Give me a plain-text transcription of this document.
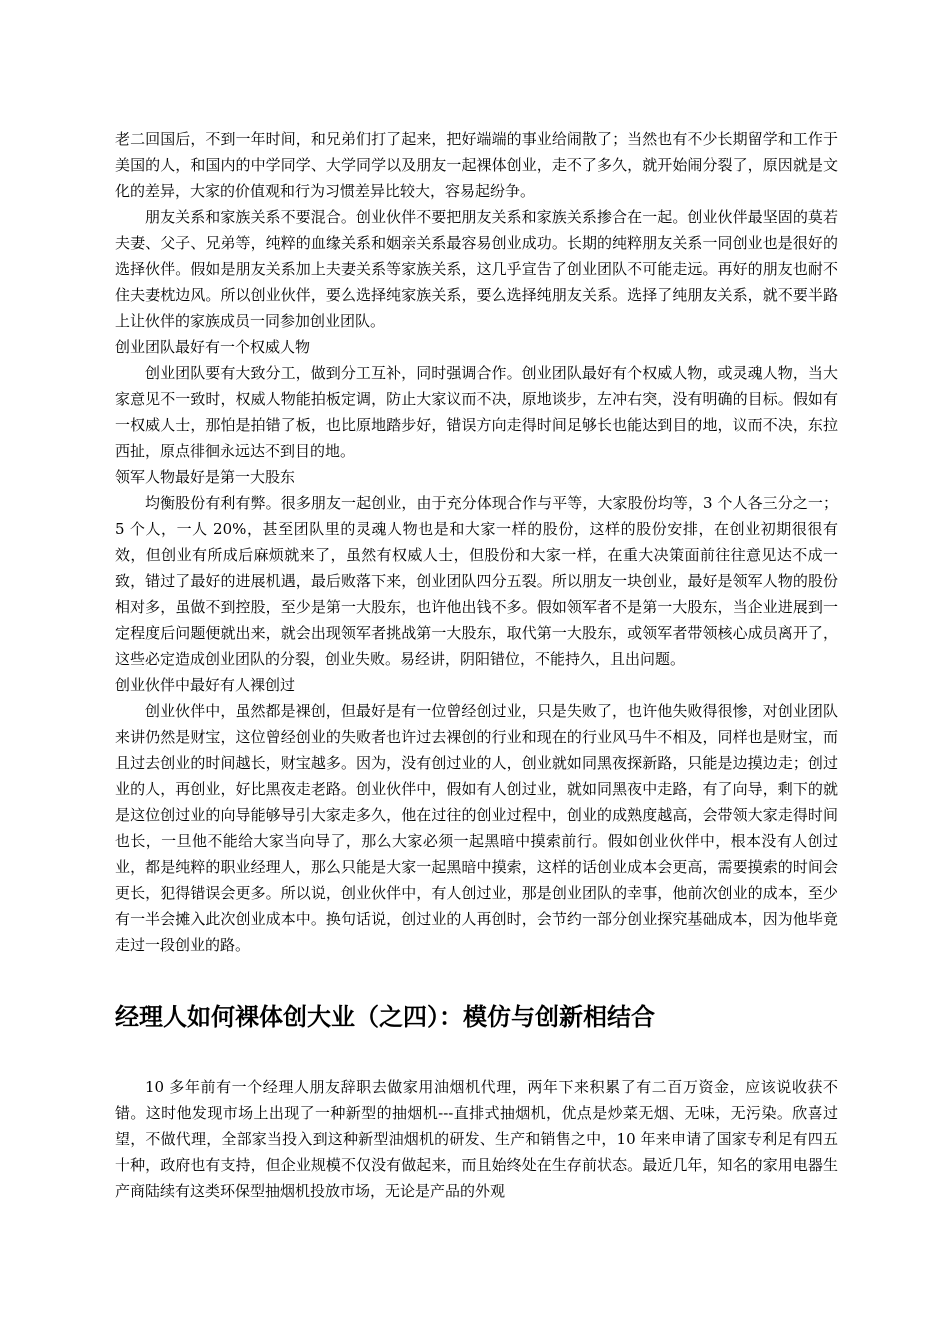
老二回国后，不到一年时间，和兄弟们打了起来，把好端端的事业给闹散了；当然也有不少长期留学和工作于美国的人，和国内的中学同学、大学同学以及朋友一起裸体创业，走不了多久，就开始闹分裂了，原因就是文化的差异，大家的价值观和行为习惯差异比较大，容易起纷争。

朋友关系和家族关系不要混合。创业伙伴不要把朋友关系和家族关系掺合在一起。创业伙伴最坚固的莫若夫妻、父子、兄弟等，纯粹的血缘关系和姻亲关系最容易创业成功。长期的纯粹朋友关系一同创业也是很好的选择伙伴。假如是朋友关系加上夫妻关系等家族关系，这几乎宣告了创业团队不可能走远。再好的朋友也耐不住夫妻枕边风。所以创业伙伴，要么选择纯家族关系，要么选择纯朋友关系。选择了纯朋友关系，就不要半路上让伙伴的家族成员一同参加创业团队。

创业团队最好有一个权威人物

创业团队要有大致分工，做到分工互补，同时强调合作。创业团队最好有个权威人物，或灵魂人物，当大家意见不一致时，权威人物能拍板定调，防止大家议而不决，原地谈步，左冲右突，没有明确的目标。假如有一权威人士，那怕是拍错了板，也比原地踏步好，错误方向走得时间足够长也能达到目的地，议而不决，东拉西扯，原点徘徊永远达不到目的地。

领军人物最好是第一大股东

均衡股份有利有弊。很多朋友一起创业，由于充分体现合作与平等，大家股份均等，3 个人各三分之一；5 个人，一人 20%，甚至团队里的灵魂人物也是和大家一样的股份，这样的股份安排，在创业初期很很有效，但创业有所成后麻烦就来了，虽然有权威人士，但股份和大家一样，在重大决策面前往往意见达不成一致，错过了最好的进展机遇，最后败落下来，创业团队四分五裂。所以朋友一块创业，最好是领军人物的股份相对多，虽做不到控股，至少是第一大股东，也许他出钱不多。假如领军者不是第一大股东，当企业进展到一定程度后问题便就出来，就会出现领军者挑战第一大股东，取代第一大股东，或领军者带领核心成员离开了，这些必定造成创业团队的分裂，创业失败。易经讲，阴阳错位，不能持久，且出问题。

创业伙伴中最好有人裸创过

创业伙伴中，虽然都是裸创，但最好是有一位曾经创过业，只是失败了，也许他失败得很惨，对创业团队来讲仍然是财宝，这位曾经创业的失败者也许过去裸创的行业和现在的行业风马牛不相及，同样也是财宝，而且过去创业的时间越长，财宝越多。因为，没有创过业的人，创业就如同黑夜探新路，只能是边摸边走；创过业的人，再创业，好比黑夜走老路。创业伙伴中，假如有人创过业，就如同黑夜中走路，有了向导，剩下的就是这位创过业的向导能够导引大家走多久，他在过往的创业过程中，创业的成熟度越高，会带领大家走得时间也长，一旦他不能给大家当向导了，那么大家必须一起黑暗中摸索前行。假如创业伙伴中，根本没有人创过业，都是纯粹的职业经理人，那么只能是大家一起黑暗中摸索，这样的话创业成本会更高，需要摸索的时间会更长，犯得错误会更多。所以说，创业伙伴中，有人创过业，那是创业团队的幸事，他前次创业的成本，至少有一半会摊入此次创业成本中。换句话说，创过业的人再创时，会节约一部分创业探究基础成本，因为他毕竟走过一段创业的路。

经理人如何裸体创大业（之四）：模仿与创新相结合

10 多年前有一个经理人朋友辞职去做家用油烟机代理，两年下来积累了有二百万资金，应该说收获不错。这时他发现市场上出现了一种新型的抽烟机---直排式抽烟机，优点是炒菜无烟、无味，无污染。欣喜过望，不做代理，全部家当投入到这种新型油烟机的研发、生产和销售之中，10 年来申请了国家专利足有四五十种，政府也有支持，但企业规模不仅没有做起来，而且始终处在生存前状态。最近几年，知名的家用电器生产商陆续有这类环保型抽烟机投放市场，无论是产品的外观
